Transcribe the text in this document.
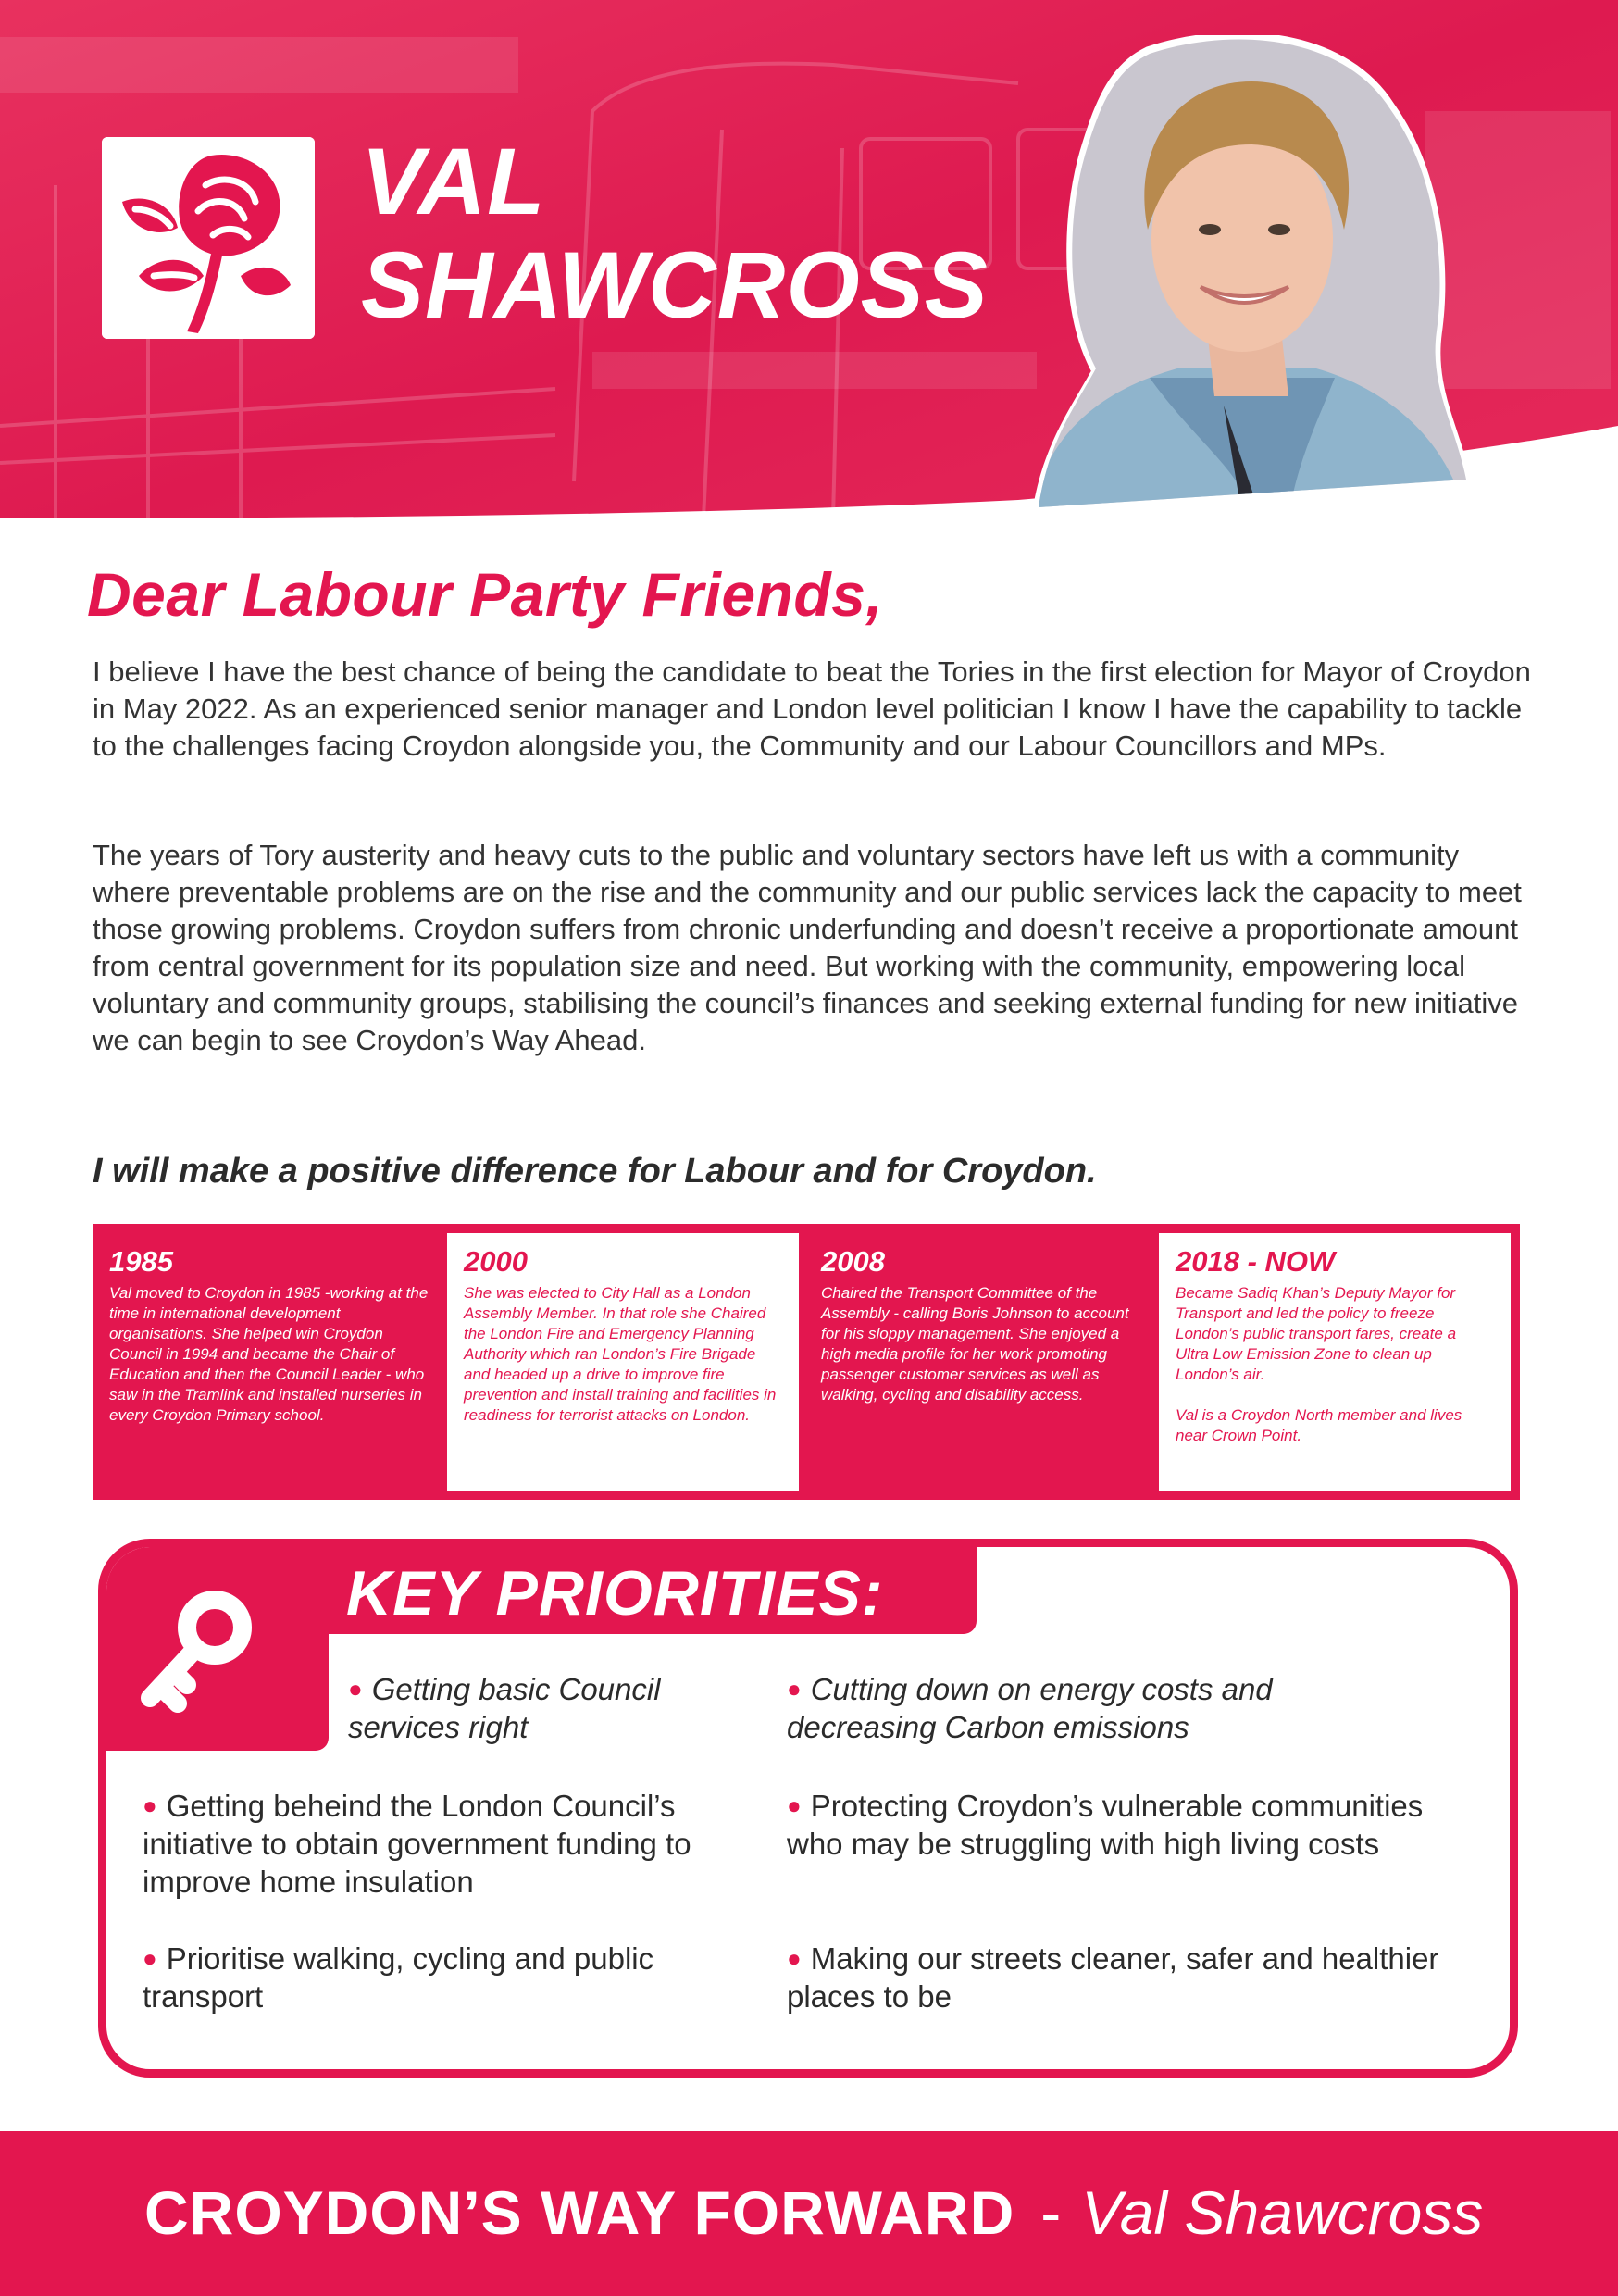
VAL
SHAWCROSS
Dear Labour Party Friends,

I believe I have the best chance of being the candidate to beat the Tories in the first election for Mayor of Croydon in May 2022. As an experienced senior manager and London level politician I know I have the capability to tackle to the challenges facing Croydon alongside you, the Community and our Labour Councillors and MPs.

The years of Tory austerity and heavy cuts to the public and voluntary sectors have left us with a community where preventable problems are on the rise and the community and our public services lack the capacity to meet those growing problems. Croydon suffers from chronic underfunding and doesn’t receive a proportionate amount from central government for its population size and need. But working with the community, empowering local voluntary and community groups, stabilising the council’s finances and seeking external funding for new initiative we can begin to see Croydon’s Way Ahead.

I will make a positive difference for Labour and for Croydon.
1985

Val moved to Croydon in 1985 -working at the time in international development organisations. She helped win Croydon Council in 1994 and became the Chair of Education and then the Council Leader - who saw in the Tramlink and installed nurseries in every Croydon Primary school.

2000

She was elected to City Hall as a London Assembly Member. In that role she Chaired the London Fire and Emergency Planning Authority which ran London’s Fire Brigade and headed up a drive to improve fire prevention and install training and facilities in readiness for terrorist attacks on London.

2008

Chaired the Transport Committee of the Assembly - calling Boris Johnson to account for his sloppy management. She enjoyed a high media profile for her work promoting passenger customer services as well as walking, cycling and disability access.

2018 - NOW

Became Sadiq Khan’s Deputy Mayor for Transport and led the policy to freeze London’s public transport fares, create a Ultra Low Emission Zone to clean up London’s air.

Val is a Croydon North member and lives near Crown Point.

KEY PRIORITIES:
● Getting basic Council services right
● Cutting down on energy costs and decreasing Carbon emissions
● Getting beheind the London Council’s initiative to obtain government funding to improve home insulation
● Protecting Croydon’s vulnerable communities who may be struggling with high living costs
● Prioritise walking, cycling and public transport
● Making our streets cleaner, safer and healthier places to be
CROYDON’S WAY FORWARD - Val Shawcross
